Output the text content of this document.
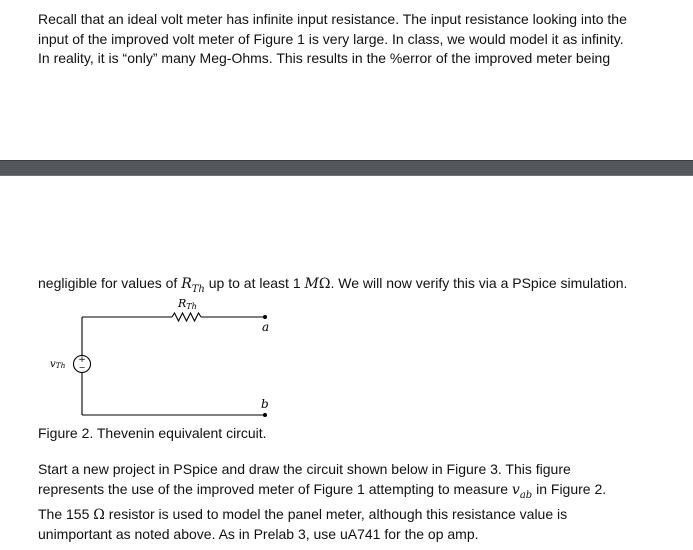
Recall that an ideal volt meter has infinite input resistance. The input resistance looking into the
input of the improved volt meter of Figure 1 is very large. In class, we would model it as infinity.
In reality, it is “only” many Meg-Ohms. This results in the %error of the improved meter being
negligible for values of $R_{Th}$ up to at least 1 MΩ. We will now verify this via a PSpice simulation.
+
−
RTh
vTh
a
b
Figure 2. Thevenin equivalent circuit.
Start a new project in PSpice and draw the circuit shown below in Figure 3. This figure
represents the use of the improved meter of Figure 1 attempting to measure $v_{ab}$ in Figure 2.
The 155 Ω resistor is used to model the panel meter, although this resistance value is
unimportant as noted above. As in Prelab 3, use uA741 for the op amp.
